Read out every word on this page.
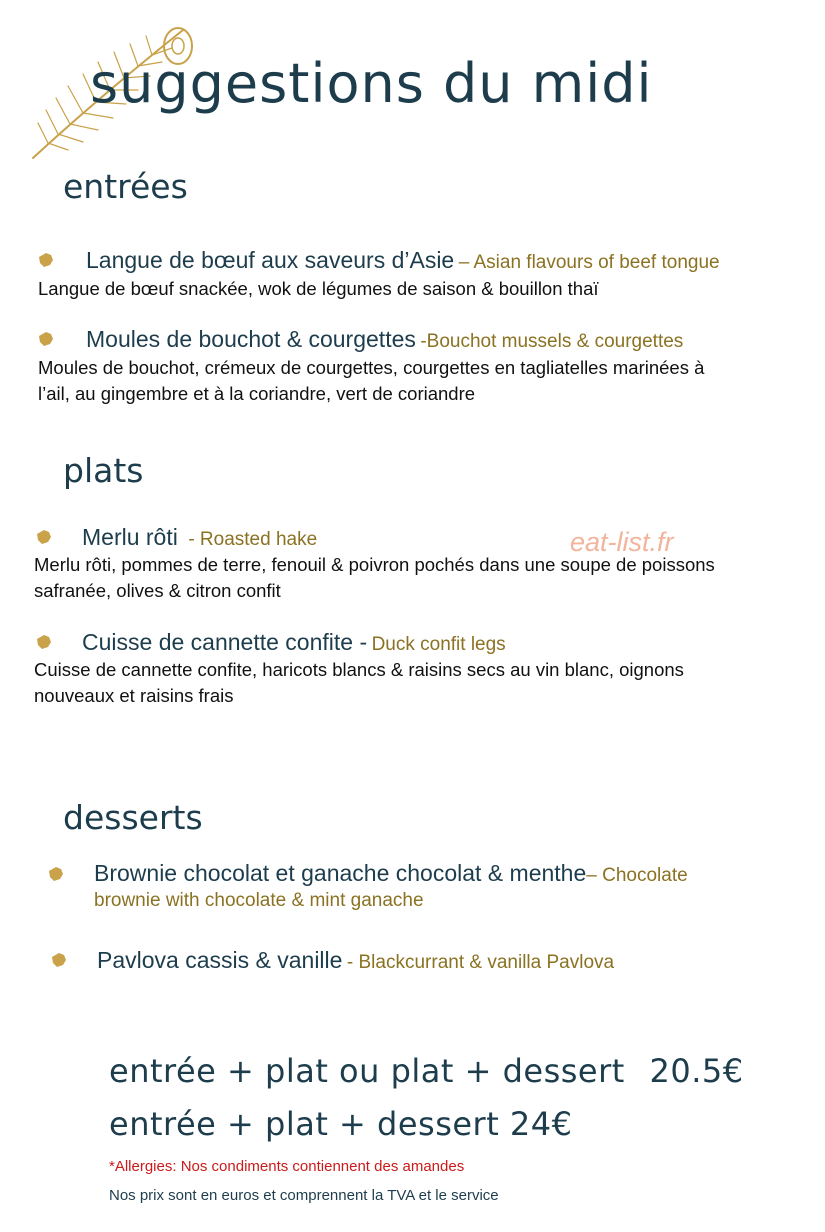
suggestions du midi
entrées
Langue de bœuf aux saveurs d’Asie – Asian flavours of beef tongue
Langue de bœuf snackée, wok de légumes de saison & bouillon thaï
Moules de bouchot & courgettes -Bouchot mussels & courgettes
Moules de bouchot, crémeux de courgettes, courgettes en tagliatelles marinées à
l’ail, au gingembre et à la coriandre, vert de coriandre
plats
Merlu rôti - Roasted hake
Merlu rôti, pommes de terre, fenouil & poivron pochés dans une soupe de poissons
safranée, olives & citron confit
eat-list.fr
Cuisse de cannette confite - Duck confit legs
Cuisse de cannette confite, haricots blancs & raisins secs au vin blanc, oignons
nouveaux et raisins frais
desserts
Brownie chocolat et ganache chocolat & menthe– Chocolate
brownie with chocolate & mint ganache
Pavlova cassis & vanille - Blackcurrant & vanilla Pavlova
entrée + plat ou plat + dessert 20.5€
entrée + plat + dessert 24€
*Allergies: Nos condiments contiennent des amandes
Nos prix sont en euros et comprennent la TVA et le service
